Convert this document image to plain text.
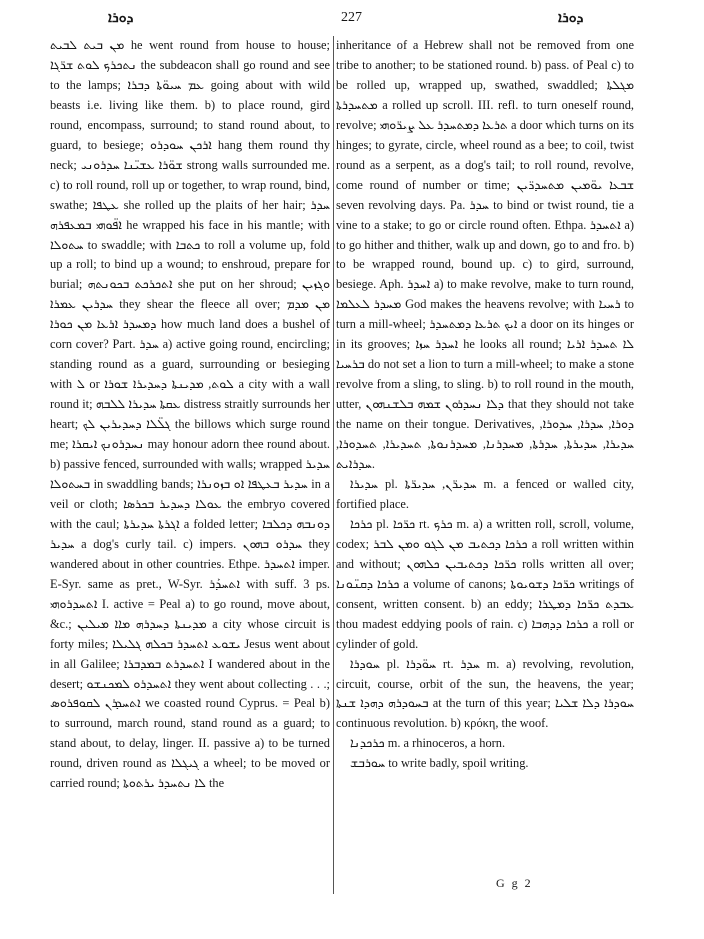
ܕܘܪܐ	227	ܕܘܪܐ

ܡܢ ܒܝܬ ܠܒܝܬ he went round from house to house; ܢܬܟܪܟ ܠܘܬ ܫܪ̈ܓܐ the subdeacon shall go round and see to the lamps; ܥܡ ܚܝܘ̈ܬܐ ܕܒܪܐ going about with wild beasts i.e. living like them. b) to place round, gird round, encompass, surround; to stand round about, to guard, to besiege; ܐܪܟܢ ܚܘܕܪܘ hang them round thy neck; ܫܘ̈ܪܐ ܥܫܝ̈ܢܐ ܚܕܪܘܢܝ strong walls surrounded me. c) to roll round, roll up or together, to wrap round, bind, swathe; ܥܛܦܐ she rolled up the plaits of her hair; ܚܕܪ ܐܦ̈ܘܗܝ ܒܡܥܦܪܗ he wrapped his face in his mantle; with ܚܬܘܠܐ to swaddle; with ܟܬܒܐ to roll a volume up, fold up a roll; to bind up a wound; to enshroud, prepare for burial; ܐܬܟܪܟܬ ܒܟܘܢܬܗ she put on her shroud; ܘܓܙܝܢ ܚܕܪܝܢ ܥܡܪܐ they shear the fleece all over; ܡܢ ܡܕܡ ܕܡܚܕܪ ܐܪܥܐ ܡܢ ܟܘܪܐ how much land does a bushel of corn cover? Part. ܚܕܪ a) active going round, encircling; standing round as a guard, surrounding or besieging with ܠ or ܠܘܬ, ܡܕܝܢܬܐ ܕܚܕܝܪܐ ܫܘܪܐ a city with a wall round it; ܥܩܬܐ ܚܕܝܪܐ ܠܠܒܗ distress straitly surrounds her heart; ܓܠ̈ܠܐ ܕܚܕܝܪܝܢ ܠܟ the billows which surge round me; ܢܚܕܪܘܢܟ ܐܝܩܪܐ may honour adorn thee round about. b) passive fenced, surrounded with walls; wrapped ܚܕܝܪ ܒܚܬܘܠܐ in swaddling bands; ܚܕܝܪ ܒܥܛܦܐ ܐܘ ܒܙܘܢܪܐ in a veil or cloth; ܥܘܠܐ ܕܚܕܝܪ ܒܟܪܣܐ the embryo covered with the caul; ܐܓܪܬܐ ܚܕܝܪܬܐ a folded letter; ܕܘܢܒܗ ܕܟܠܒܐ ܚܕܝܪ a dog's curly tail. c) impers. ܚܕܪܘ ܒܗܘܢ they wandered about in other countries. Ethpe. ܐܬܚܕܪ imper. E-Syr. same as pret., W-Syr. ܐܬܚܕܰܪ with suff. 3 ps. ܐܬܚܕܪܘܗܝ I. active = Peal a) to go round, move about, &c.; ܡܕܝܢܬܐ ܕܚܕܪܗ ܡܐܐ ܡܝܠܝܢ a city whose circuit is forty miles; ܝܫܘܥ ܐܬܚܕܪ ܒܟܠܗ ܓܠܝܠܐ Jesus went about in all Galilee; ܐܬܚܕܪܬ ܒܡܕܒܪܐ I wandered about in the desert; ܐܬܚܕܪܘ ܠܡܟܢܫܘ they went about collecting . . .; ܐܬܚܕܪܢ ܠܩܘܦܪܘܣ we coasted round Cyprus. = Peal b) to surround, march round, stand round as a guard; to stand about, to delay, linger. II. passive a) to be turned round, driven round as ܓܝܓܠܐ a wheel; to be moved or carried round; ܠܐ ܢܬܚܕܪ ܝܪܬܘܬܐ the

inheritance of a Hebrew shall not be removed from one tribe to another; to be stationed round. b) pass. of Peal c) to be rolled up, wrapped up, swathed, swaddled; ܡܓܠܬܐ ܡܬܚܕܪܬܐ a rolled up scroll. III. refl. to turn oneself round, revolve; ܬܪܥܐ ܕܡܬܚܕܪ ܥܠ ܨܝܪ̈ܘܗܝ a door which turns on its hinges; to gyrate, circle, wheel round as a bee; to coil, twist round as a serpent, as a dog's tail; to roll round, revolve, come round of number or time; ܫܒܥܐ ܝܘ̈ܡܝܢ ܡܬܚܕܪ̈ܝܢ seven revolving days. Pa. ܚܕܪ to bind or twist round, tie a vine to a stake; to go or circle round often. Ethpa. ܐܬܚܕܪ a) to go hither and thither, walk up and down, go to and fro. b) to be wrapped round, bound up. c) to gird, surround, besiege. Aph. ܐܚܕܪ a) to make revolve, make to turn round, ܡܚܕܪ ܠܥܠܡܐ God makes the heavens revolve; with ܪܚܝܐ to turn a mill-wheel; ܐܝܟ ܬܪܥܐ ܕܡܬܚܕܪ a door on its hinges or in its grooves; ܐܚܕܪ ܚܙܐ he looks all round; ܠܐ ܬܚܕܪ ܐܪܝܐ ܒܪܚܝܐ do not set a lion to turn a mill-wheel; to make a stone revolve from a sling, to sling. b) to roll round in the mouth, utter, ܕܠܐ ܢܚܕܪܘܢ ܫܡܗ ܒܠܫܢܗܘܢ that they should not take the name on their tongue. Derivatives, ܕܘܪܐ, ܚܕܪܐ, ܚܕܘܪܐ, ܚܕܝܪܐ, ܚܕܝܪܬܐ, ܚܕܪܬܐ, ܡܚܕܪܢܐ, ܡܚܕܪܢܘܬܐ, ܬܚܕܝܪܐ, ܬܚܕܘܪܐ, ܚܕܪܐܝܬ.

ܚܕܝܪܐ pl. ܚܕܝܪ̈ܢ, ܚܕܝܪ̈ܬܐ m. a fenced or walled city, fortified place.

ܟܪܟܐ pl. ܟܪ̈ܟܐ rt. ܟܪܟ m. a) a written roll, scroll, volume, codex; ܟܪܟܐ ܕܟܬܝܒ ܡܢ ܠܓܘ ܘܡܢ ܠܒܪ a roll written within and without; ܟܪ̈ܟܐ ܕܟܬܝܒܝܢ ܟܠܗܘܢ rolls written all over; ܟܪܟܐ ܕܩܢ̈ܘܢܐ a volume of canons; ܟܪ̈ܟܐ ܕܫܘܝܘܬܐ writings of consent, written consent. b) an eddy; ܥܒܕܬ ܟܪ̈ܟܐ ܕܡܛܪܐ thou madest eddying pools of rain. c) ܟܪܟܐ ܕܕܗܒܐ a roll or cylinder of gold.

ܚܘܕܪܐ pl. ܚܘ̈ܕܪܐ rt. ܚܕܪ m. a) revolving, revolution, circuit, course, orbit of the sun, the heavens, the year; ܒܚܘܕܪܗ ܕܗܕܐ ܫܢܬܐ at the turn of this year; ܚܘܕܪܐ ܕܠܐ ܫܠܝܐ continuous revolution. b) κρόκη, the woof.

ܟܪܟܕܢܐ m. a rhinoceros, a horn.

ܚܘܪܒܫ to write badly, spoil writing.

G g 2
